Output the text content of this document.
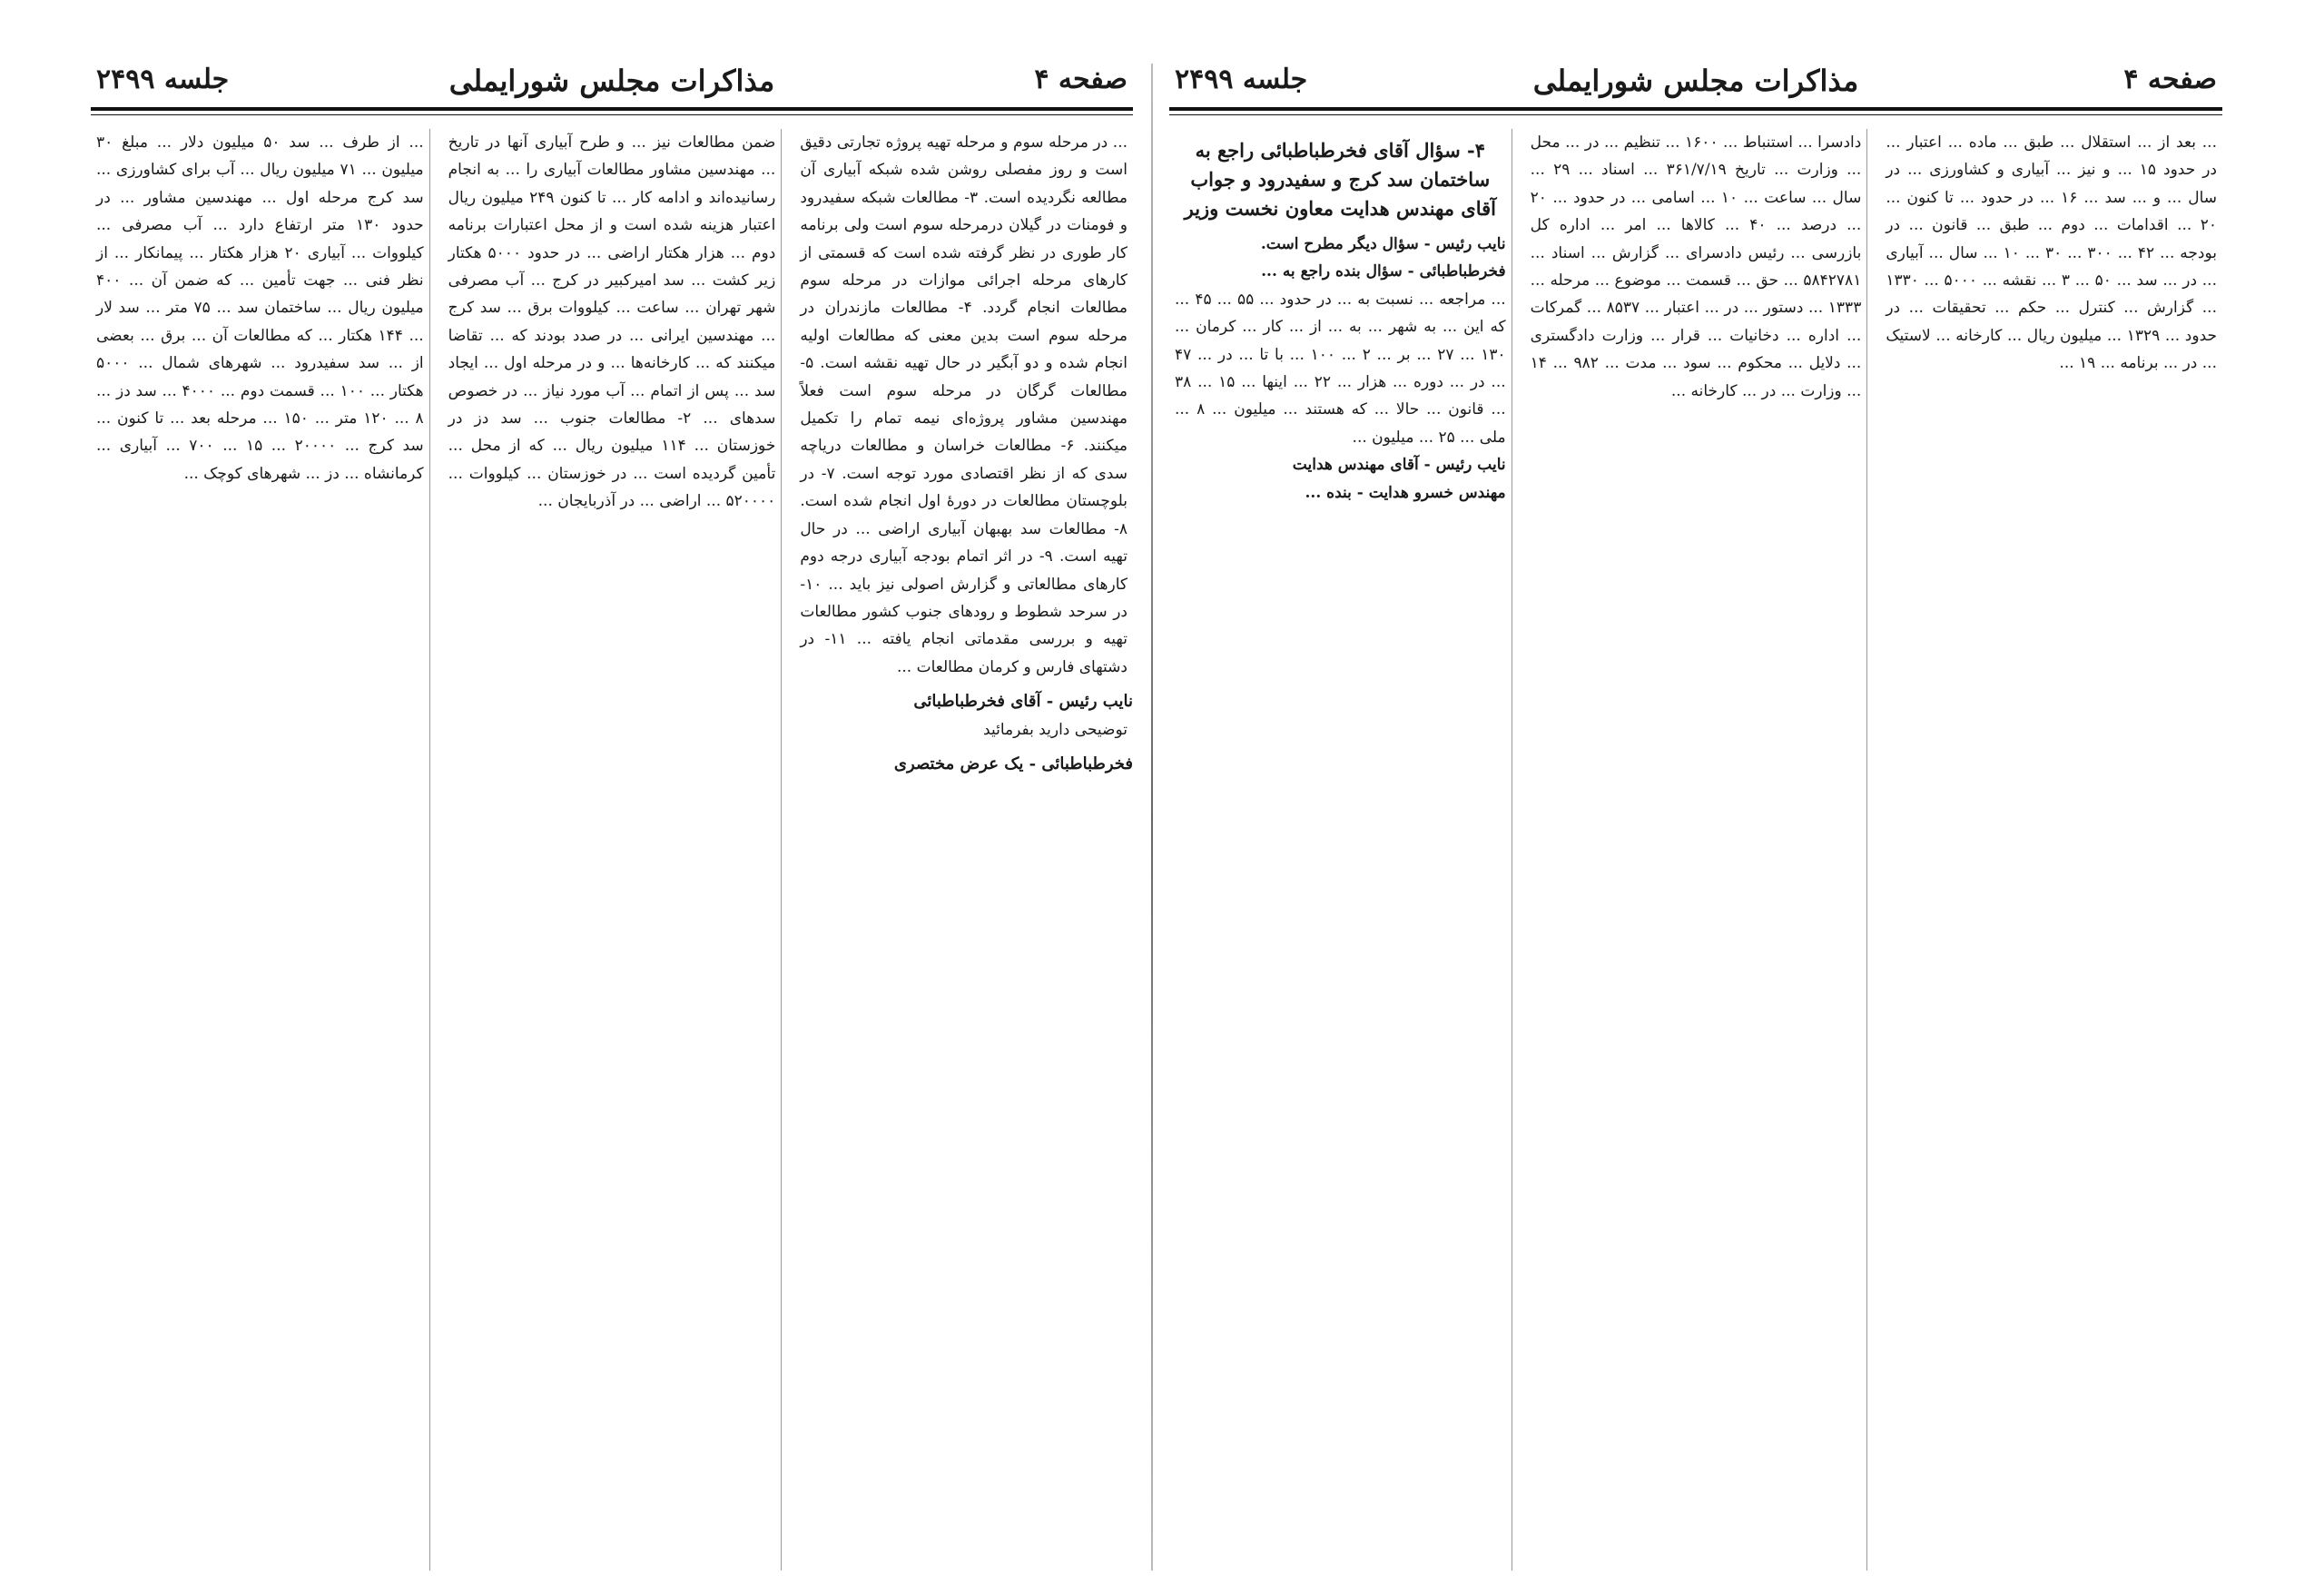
صفحه ۴
مذاکرات مجلس شورایملی
جلسه ۲۴۹۹

... در مرحله سوم و مرحله تهیه پروژه تجارتی دقیق است و روز مفصلی روشن شده شبکه آبیاری آن مطالعه نگردیده است. ۳- مطالعات شبکه سفیدرود و فومنات در گیلان درمرحله سوم است ولی برنامه کار طوری در نظر گرفته شده است که قسمتی از کارهای مرحله اجرائی موازات در مرحله سوم مطالعات انجام گردد. ۴- مطالعات مازندران در مرحله سوم است بدین معنی که مطالعات اولیه انجام شده و دو آبگیر در حال تهیه نقشه است. ۵- مطالعات گرگان در مرحله سوم است فعلاً مهندسین مشاور پروژه‌ای نیمه تمام را تکمیل میکنند. ۶- مطالعات خراسان و مطالعات دریاچه سدی که از نظر اقتصادی مورد توجه است. ۷- در بلوچستان مطالعات در دورهٔ اول انجام شده است. ۸- مطالعات سد بهبهان آبیاری اراضی ... در حال تهیه است. ۹- در اثر اتمام بودجه آبیاری درجه دوم کارهای مطالعاتی و گزارش اصولی نیز باید ... ۱۰- در سرحد شطوط و رودهای جنوب کشور مطالعات تهیه و بررسی مقدماتی انجام یافته ... ۱۱- در دشتهای فارس و کرمان مطالعات ...

نایب رئیس - آقای فخرطباطبائی

توضیحی دارید بفرمائید

فخرطباطبائی - یک عرض مختصری

ضمن مطالعات نیز ... و طرح آبیاری آنها در تاریخ ... مهندسین مشاور مطالعات آبیاری را ... به انجام رسانیده‌اند و ادامه کار ... تا کنون ۲۴۹ میلیون ریال اعتبار هزینه شده است و از محل اعتبارات برنامه دوم ... هزار هکتار اراضی ... در حدود ۵۰۰۰ هکتار زیر کشت ... سد امیرکبیر در کرج ... آب مصرفی شهر تهران ... ساعت ... کیلووات برق ... سد کرج ... مهندسین ایرانی ... در صدد بودند که ... تقاضا میکنند که ... کارخانه‌ها ... و در مرحله اول ... ایجاد سد ... پس از اتمام ... آب مورد نیاز ... در خصوص سدهای ... ۲- مطالعات جنوب ... سد دز در خوزستان ... ۱۱۴ میلیون ریال ... که از محل ... تأمین گردیده است ... در خوزستان ... کیلووات ... ۵۲۰۰۰۰ ... اراضی ... در آذربایجان ...

... از طرف ... سد ۵۰ میلیون دلار ... مبلغ ۳۰ میلیون ... ۷۱ میلیون ریال ... آب برای کشاورزی ... سد کرج مرحله اول ... مهندسین مشاور ... در حدود ۱۳۰ متر ارتفاع دارد ... آب مصرفی ... کیلووات ... آبیاری ۲۰ هزار هکتار ... پیمانکار ... از نظر فنی ... جهت تأمین ... که ضمن آن ... ۴۰۰ میلیون ریال ... ساختمان سد ... ۷۵ متر ... سد لار ... ۱۴۴ هکتار ... که مطالعات آن ... برق ... بعضی از ... سد سفیدرود ... شهرهای شمال ... ۵۰۰۰ هکتار ... ۱۰۰ ... قسمت دوم ... ۴۰۰۰ ... سد دز ... ۸ ... ۱۲۰ متر ... ۱۵۰ ... مرحله بعد ... تا کنون ... سد کرج ... ۲۰۰۰۰ ... ۱۵ ... ۷۰۰ ... آبیاری ... کرمانشاه ... دز ... شهرهای کوچک ...

صفحه ۴
مذاکرات مجلس شورایملی
جلسه ۲۴۹۹

... بعد از ... استقلال ... طبق ... ماده ... اعتبار ... در حدود ۱۵ ... و نیز ... آبیاری و کشاورزی ... در سال ... و ... سد ... ۱۶ ... در حدود ... تا کنون ... ۲۰ ... اقدامات ... دوم ... طبق ... قانون ... در بودجه ... ۴۲ ... ۳۰۰ ... ۳۰ ... ۱۰ ... سال ... آبیاری ... در ... سد ... ۵۰ ... ۳ ... نقشه ... ۵۰۰۰ ... ۱۳۳۰ ... گزارش ... کنترل ... حکم ... تحقیقات ... در حدود ... ۱۳۲۹ ... میلیون ریال ... کارخانه ... لاستیک ... در ... برنامه ... ۱۹ ...

دادسرا ... استنباط ... ۱۶۰۰ ... تنظیم ... در ... محل ... وزارت ... تاریخ ۳۶۱/۷/۱۹ ... اسناد ... ۲۹ ... سال ... ساعت ... ۱۰ ... اسامی ... در حدود ... ۲۰ ... درصد ... ۴۰ ... کالاها ... امر ... اداره کل بازرسی ... رئیس دادسرای ... گزارش ... اسناد ... ۵۸۴۲۷۸۱ ... حق ... قسمت ... موضوع ... مرحله ... ۱۳۳۳ ... دستور ... در ... اعتبار ... ۸۵۳۷ ... گمرکات ... اداره ... دخانیات ... قرار ... وزارت دادگستری ... دلایل ... محکوم ... سود ... مدت ... ۹۸۲ ... ۱۴ ... وزارت ... در ... کارخانه ...

۴- سؤال آقای فخرطباطبائی راجع به ساختمان سد کرج و سفیدرود و جواب آقای مهندس هدایت معاون نخست وزیر

نایب رئیس - سؤال دیگر مطرح است.

فخرطباطبائی - سؤال بنده راجع به ...

... مراجعه ... نسبت به ... در حدود ... ۵۵ ... ۴۵ ... که این ... به شهر ... به ... از ... کار ... کرمان ... ۱۳۰ ... ۲۷ ... بر ... ۲ ... ۱۰۰ ... با تا ... در ... ۴۷ ... در ... دوره ... هزار ... ۲۲ ... اینها ... ۱۵ ... ۳۸ ... قانون ... حالا ... که هستند ... میلیون ... ۸ ... ملی ... ۲۵ ... میلیون ...

نایب رئیس - آقای مهندس هدایت

مهندس خسرو هدایت - بنده ...
